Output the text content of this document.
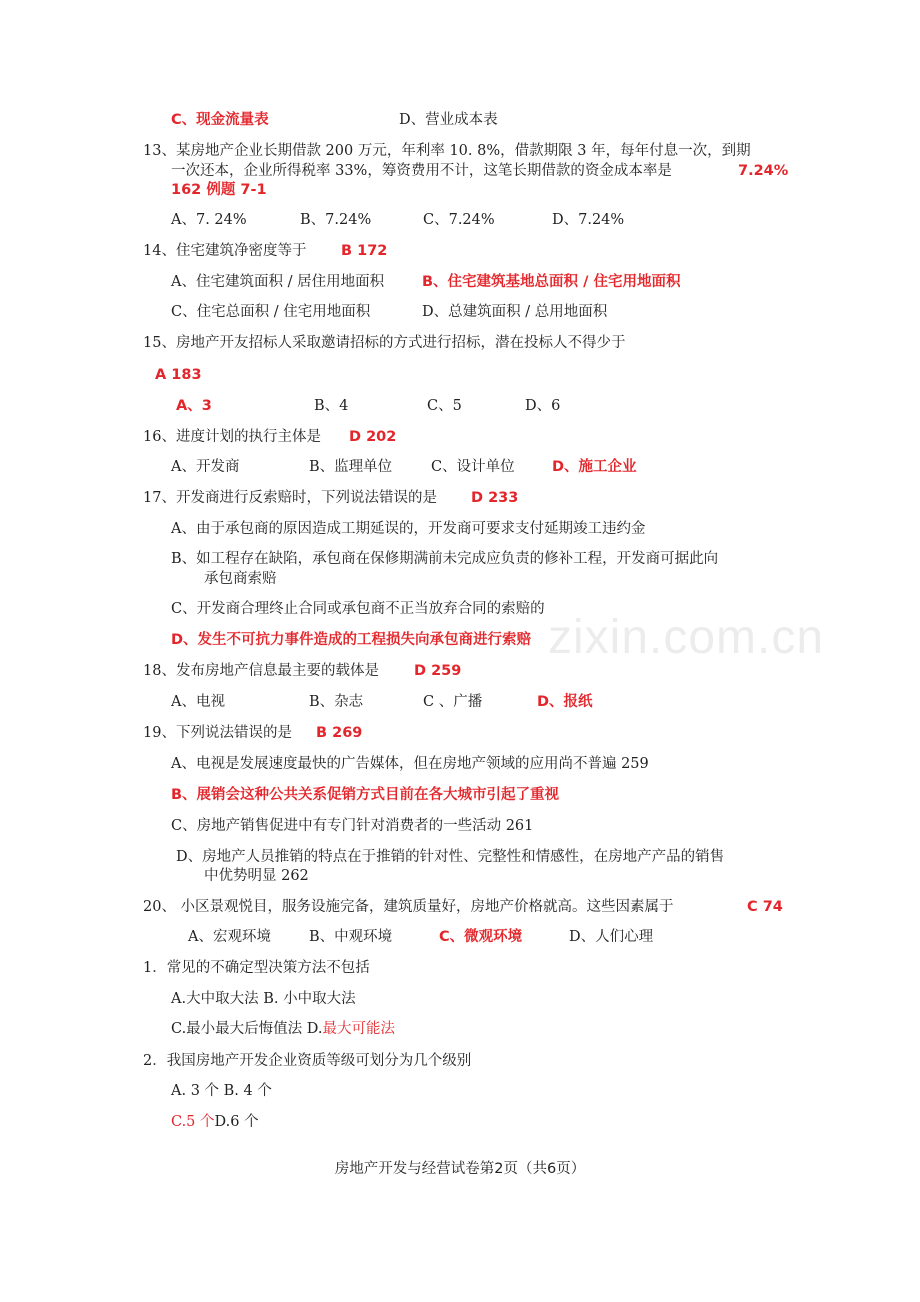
C、现金流量表	D、营业成本表
13、某房地产企业长期借款 200 万元，年利率 10. 8%，借款期限 3 年，每年付息一次，到期
一次还本，企业所得税率 33%，筹资费用不计，这笔长期借款的资金成本率是	7.24%
162 例题 7-1
A、7. 24%	B、7.24%	C、7.24%	D、7.24%
14、住宅建筑净密度等于 B 172
A、住宅建筑面积 / 居住用地面积	B、住宅建筑基地总面积 / 住宅用地面积
C、住宅总面积 / 住宅用地面积	D、总建筑面积 / 总用地面积
15、房地产开友招标人采取邀请招标的方式进行招标，潜在投标人不得少于
A 183
A、3	B、4	C、5	D、6
16、进度计划的执行主体是 D 202
A、开发商	B、监理单位	C、设计单位	D、施工企业
17、开发商进行反索赔时，下列说法错误的是 D 233
A、由于承包商的原因造成工期延误的，开发商可要求支付延期竣工违约金
B、如工程存在缺陷，承包商在保修期满前未完成应负责的修补工程，开发商可据此向
承包商索赔
C、开发商合理终止合同或承包商不正当放弃合同的索赔的
D、发生不可抗力事件造成的工程损失向承包商进行索赔 zixin.com.cn
18、发布房地产信息最主要的载体是 D 259
A、电视	B、杂志	C 、广播	D、报纸
19、下列说法错误的是 B 269
A、电视是发展速度最快的广告媒体，但在房地产领域的应用尚不普遍 259
B、展销会这种公共关系促销方式目前在各大城市引起了重视
C、房地产销售促进中有专门针对消费者的一些活动 261
D、房地产人员推销的特点在于推销的针对性、完整性和情感性，在房地产产品的销售
中优势明显 262
20、 小区景观悦目，服务设施完备，建筑质量好，房地产价格就高。这些因素属于	C 74
A、宏观环境	B、中观环境	C、微观环境	D、人们心理
1．常见的不确定型决策方法不包括
A.大中取大法 B. 小中取大法
C.最小最大后悔值法 D.最大可能法
2．我国房地产开发企业资质等级可划分为几个级别
A. 3 个 B. 4 个
C.5 个D.6 个
房地产开发与经营试卷第2页（共6页）
